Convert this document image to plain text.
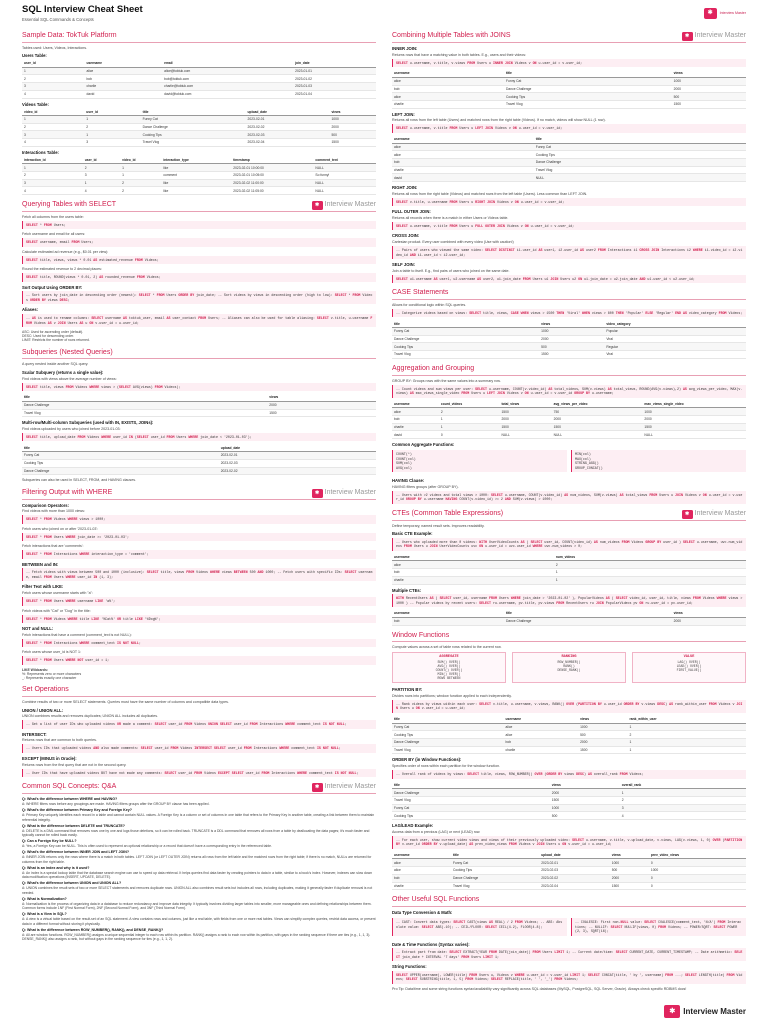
SQL Interview Cheat Sheet
Essential SQL Commands & Concepts
✱	Interview Master
Sample Data: TokTuk Platform
Tables used: Users, Videos, Interactions.
Users Table:
user_id	username	email	join_date
1	alice	alice@toktuk.com	2023-01-01
2	bob	bob@toktuk.com	2023-01-02
3	charlie	charlie@toktuk.com	2023-01-03
4	david	david@toktuk.com	2023-01-04
Videos Table:
video_id	user_id	title	upload_date	views
1	1	Funny Cat	2023-02-01	1000
2	2	Dance Challenge	2023-02-02	2000
3	1	Cooking Tips	2023-02-03	500
4	3	Travel Vlog	2023-02-04	1500
Interactions Table:
interaction_id	user_id	video_id	interaction_type	timestamp	comment_text
1	2	1	like	2023-02-01 10:00:00	NULL
2	3	1	comment	2023-02-01 10:05:00	So funny!
3	1	2	like	2023-02-02 11:00:00	NULL
4	4	2	like	2023-02-02 11:05:00	NULL
Querying Tables with SELECT	✱ Interview Master
Fetch all columns from the users table:
SELECT * FROM Users;
Fetch username and email for all users:
SELECT username, email FROM Users;
Calculate estimated ad revenue (e.g., $0.01 per view):
SELECT title, views, views * 0.01 AS estimated_revenue FROM Videos;
Round the estimated revenue to 2 decimal places:
SELECT title, ROUND(views * 0.01, 2) AS rounded_revenue FROM Videos;
Sort Output Using ORDER BY:
-- Sort users by join_date in descending order (newest): SELECT * FROM Users ORDER BY join_date; -- Sort videos by views in descending order (high to low): SELECT * FROM Videos ORDER BY views DESC;
Aliases:
-- AS is used to rename columns: SELECT username AS toktuk_user, email AS user_contact FROM Users; -- Aliases can also be used for table aliasing: SELECT v.title, u.username FROM Videos AS v JOIN Users AS u ON v.user_id = u.user_id;
ASC: Used for ascending order (default).
DESC: Used for descending order.
LIMIT: Restricts the number of rows returned.
Subqueries (Nested Queries)
A query nested inside another SQL query.
Scalar Subquery (returns a single value):
Find videos with views above the average number of views:
SELECT title, views FROM Videos WHERE views > (SELECT AVG(views) FROM Videos);
title	views
Dance Challenge	2000
Travel Vlog	1500
Multi-row/Multi-column Subqueries (used with IN, EXISTS, JOINs):
Find videos uploaded by users who joined before 2023-01-03:
SELECT title, upload_date FROM Videos WHERE user_id IN (SELECT user_id FROM Users WHERE join_date < '2023-01-03');
title	upload_date
Funny Cat	2023-02-01
Cooking Tips	2023-02-03
Dance Challenge	2023-02-02
Subqueries can also be used in SELECT, FROM, and HAVING clauses.
Filtering Output with WHERE	✱ Interview Master
Comparison Operators:
Find videos with more than 1000 views:
SELECT * FROM Videos WHERE views > 1000;
Fetch users who joined on or after '2023-01-03':
SELECT * FROM Users WHERE join_date >= '2023-01-03';
Fetch interactions that are 'comments':
SELECT * FROM Interactions WHERE interaction_type = 'comment';
BETWEEN and IN:
-- Fetch videos with views between 500 and 1000 (inclusive): SELECT title, views FROM Videos WHERE views BETWEEN 500 AND 1000; -- Fetch users with specific IDs: SELECT username, email FROM Users WHERE user_id IN (1, 3);
Filter Text with LIKE:
Fetch users whose username starts with "a":
SELECT * FROM Users WHERE username LIKE 'a%';
Fetch videos with "Cat" or "Dog" in the title:
SELECT * FROM Videos WHERE title LIKE '%Cat%' OR title LIKE '%Dog%';
NOT and NULL:
Fetch interactions that have a comment (comment_text is not NULL):
SELECT * FROM Interactions WHERE comment_text IS NOT NULL;
Fetch users whose user_id is NOT 1:
SELECT * FROM Users WHERE NOT user_id = 1;
LIKE Wildcards:
%: Represents zero or more characters
_: Represents exactly one character
Set Operations
Combine results of two or more SELECT statements. Queries must have the same number of columns and compatible data types.
UNION / UNION ALL:
UNION combines results and removes duplicates; UNION ALL includes all duplicates.
-- Get a list of user IDs who uploaded videos OR made a comment: SELECT user_id FROM Videos UNION SELECT user_id FROM Interactions WHERE comment_text IS NOT NULL;
INTERSECT:
Returns rows that are common to both queries.
-- Users IDs that uploaded videos AND also made comments: SELECT user_id FROM Videos INTERSECT SELECT user_id FROM Interactions WHERE comment_text IS NOT NULL;
EXCEPT (MINUS in Oracle):
Returns rows from the first query that are not in the second query.
-- User IDs that have uploaded videos BUT have not made any comments: SELECT user_id FROM Videos EXCEPT SELECT user_id FROM Interactions WHERE comment_text IS NOT NULL;
Common SQL Concepts: Q&A	✱ Interview Master
Q: What's the difference between WHERE and HAVING?
A: WHERE filters rows before any groupings are made. HAVING filters groups after the GROUP BY clause has been applied.
Q: What's the difference between Primary Key and Foreign Key?
A: Primary Key uniquely identifies each record in a table and cannot contain NULL values. A Foreign Key is a column or set of columns in one table that refers to the Primary Key in another table, creating a link between them to maintain referential integrity.
Q: What is the difference between DELETE and TRUNCATE?
A: DELETE is a DML command that removes rows one by one and logs those deletions, so it can be rolled back. TRUNCATE is a DDL command that removes all rows from a table by deallocating the data pages; it's much faster and typically cannot be rolled back easily.
Q: Can a Foreign Key be NULL?
A: Yes, a Foreign Key can be NULL. This is often used to represent an optional relationship or a record that doesn't have a corresponding entry in the referenced table.
Q: What's the difference between INNER JOIN and LEFT JOIN?
A: INNER JOIN returns only the rows where there is a match in both tables. LEFT JOIN (or LEFT OUTER JOIN) returns all rows from the left table and the matched rows from the right table; if there is no match, NULLs are returned for columns from the right table.
Q: What is an index and why is it used?
A: An index is a special lookup table that the database search engine can use to speed up data retrieval. It helps queries find data faster by creating pointers to data in a table, similar to a book's index. However, indexes can slow down data modification operations (INSERT, UPDATE, DELETE).
Q: What's the difference between UNION and UNION ALL?
A: UNION combines the result sets of two or more SELECT statements and removes duplicate rows. UNION ALL also combines result sets but includes all rows, including duplicates, making it generally faster if duplicate removal is not needed.
Q: What is Normalization?
A: Normalization is the process of organizing data in a database to reduce redundancy and improve data integrity. It typically involves dividing larger tables into smaller, more manageable ones and defining relationships between them. Common forms include 1NF (First Normal Form), 2NF (Second Normal Form), and 3NF (Third Normal Form).
Q: What is a View in SQL?
A: A view is a virtual table based on the result-set of an SQL statement. A view contains rows and columns, just like a real table, with fields from one or more real tables. Views can simplify complex queries, restrict data access, or present data in a different format without storing it physically.
Q: What is the difference between ROW_NUMBER(), RANK(), and DENSE_RANK()?
A: All are window functions. ROW_NUMBER() assigns a unique sequential integer to each row within its partition. RANK() assigns a rank to each row within its partition, with gaps in the ranking sequence if there are ties (e.g., 1, 1, 3). DENSE_RANK() also assigns a rank, but without gaps in the ranking sequence for ties (e.g., 1, 1, 2).
Combining Multiple Tables with JOINS	✱ Interview Master
INNER JOIN:
Returns rows that have a matching value in both tables. E.g., users and their videos:
SELECT u.username, v.title, v.views FROM Users u INNER JOIN Videos v ON u.user_id = v.user_id;
username	title	views
alice	Funny Cat	1000
bob	Dance Challenge	2000
alice	Cooking Tips	500
charlie	Travel Vlog	1500
LEFT JOIN:
Returns all rows from the left table (Users) and matched rows from the right table (Videos). If no match, videos will show NULL (1 row).
SELECT u.username, v.title FROM Users u LEFT JOIN Videos v ON u.user_id = v.user_id;
username	title
alice	Funny Cat
alice	Cooking Tips
bob	Dance Challenge
charlie	Travel Vlog
david	NULL
RIGHT JOIN:
Returns all rows from the right table (Videos) and matched rows from the left table (Users). Less common than LEFT JOIN.
SELECT v.title, u.username FROM Users u RIGHT JOIN Videos v ON u.user_id = v.user_id;
FULL OUTER JOIN:
Returns all records when there is a match in either Users or Videos table.
SELECT u.username, v.title FROM Users u FULL OUTER JOIN Videos v ON u.user_id = v.user_id;
CROSS JOIN:
Cartesian product. Every user combined with every video (Use with caution!)
-- Pairs of users who viewed the same video: SELECT DISTINCT i1.user_id AS user1, i2.user_id AS user2 FROM Interactions i1 CROSS JOIN Interactions i2 WHERE i1.video_id = i2.video_id AND i1.user_id < i2.user_id;
SELF JOIN:
Join a table to itself. E.g., find pairs of users who joined on the same date.
SELECT u1.username AS user1, u2.username AS user2, u1.join_date FROM Users u1 JOIN Users u2 ON u1.join_date = u2.join_date AND u1.user_id < u2.user_id;
CASE Statements
Allows for conditional logic within SQL queries.
-- Categorize videos based on views: SELECT title, views, CASE WHEN views > 1500 THEN 'Viral' WHEN views > 800 THEN 'Popular' ELSE 'Regular' END AS video_category FROM Videos;
title	views	video_category
Funny Cat	1000	Popular
Dance Challenge	2000	Viral
Cooking Tips	500	Regular
Travel Vlog	1500	Viral
Aggregation and Grouping
GROUP BY: Groups rows with the same values into a summary row.
-- Count videos and sum views per user: SELECT u.username, COUNT(v.video_id) AS total_videos, SUM(v.views) AS total_views, ROUND(AVG(v.views),2) AS avg_views_per_video, MAX(v.views) AS max_views_single_video FROM Users u LEFT JOIN Videos v ON u.user_id = v.user_id GROUP BY u.username;
username	count_videos	total_views	avg_views_per_video	max_views_single_video
alice	2	1500	750	1000
bob	1	2000	2000	2000
charlie	1	1500	1500	1500
david	0	NULL	NULL	NULL
Common Aggregate Functions:
COUNT(*)
COUNT(col)
SUM(col)
AVG(col)
MIN(col)
MAX(col)
STRING_AGG()
GROUP_CONCAT()
HAVING Clause:
HAVING filters groups (after GROUP BY).
-- Users with >2 videos and total views > 1000: SELECT u.username, COUNT(v.video_id) AS num_videos, SUM(v.views) AS total_views FROM Users u JOIN Videos v ON u.user_id = v.user_id GROUP BY u.username HAVING COUNT(v.video_id) >= 2 AND SUM(v.views) > 1000;
CTEs (Common Table Expressions)	✱ Interview Master
Define temporary, named result sets. Improves readability.
Basic CTE Example:
-- Users who uploaded more than 0 videos: WITH UserVideoCounts AS ( SELECT user_id, COUNT(video_id) AS num_videos FROM Videos GROUP BY user_id ) SELECT u.username, uvc.num_videos FROM Users u JOIN UserVideoCounts uvc ON u.user_id = uvc.user_id WHERE uvc.num_videos > 0;
username	num_videos
alice	2
bob	1
charlie	1
Multiple CTEs:
WITH RecentUsers AS ( SELECT user_id, username FROM Users WHERE join_date > '2023-01-02' ), PopularVideos AS ( SELECT video_id, user_id, title, views FROM Videos WHERE views > 1000 ) -- Popular videos by recent users: SELECT ru.username, pv.title, pv.views FROM RecentUsers ru JOIN PopularVideos pv ON ru.user_id = pv.user_id;
username	title	views
bob	Dance Challenge	2000
Window Functions
Compute values across a set of table rows related to the current row.
AGGREGATE
SUM() OVER()
AVG() OVER()
COUNT() OVER()
MIN() OVER()
ROWS BETWEEN
RANKING
ROW_NUMBER()
RANK()
DENSE_RANK()
VALUE
LAG() OVER()
LEAD() OVER()
FIRST_VALUE()
PARTITION BY:
Divides rows into partitions; window function applied to each independently.
-- Rank videos by views within each user: SELECT v.title, u.username, v.views, RANK() OVER (PARTITION BY u.user_id ORDER BY v.views DESC) AS rank_within_user FROM Videos v JOIN Users u ON v.user_id = u.user_id;
title	username	views	rank_within_user
Funny Cat	alice	1000	1
Cooking Tips	alice	500	2
Dance Challenge	bob	2000	1
Travel Vlog	charlie	1500	1
ORDER BY (in Window Functions):
Specifies order of rows within each partition for the window function.
-- Overall rank of videos by views: SELECT title, views, ROW_NUMBER() OVER (ORDER BY views DESC) AS overall_rank FROM Videos;
title	views	overall_rank
Dance Challenge	2000	1
Travel Vlog	1500	2
Funny Cat	1000	3
Cooking Tips	500	4
LAG/LEAD Example:
Access data from a previous (LAG) or next (LEAD) row.
-- For each user, show current video views and views of their previously uploaded video: SELECT u.username, v.title, v.upload_date, v.views, LAG(v.views, 1, 0) OVER (PARTITION BY v.user_id ORDER BY v.upload_date) AS prev_video_views FROM Videos v JOIN Users u ON v.user_id = u.user_id;
username	title	upload_date	views	prev_video_views
alice	Funny Cat	2023-02-01	1000	0
alice	Cooking Tips	2023-02-03	500	1000
bob	Dance Challenge	2023-02-02	2000	0
charlie	Travel Vlog	2023-02-04	1500	0
Other Useful SQL Functions
Data Type Conversion & Math:
-- CAST: Convert data types: SELECT CAST(views AS REAL) / 2 FROM Videos; -- ABS: Absolute value: SELECT ABS(-10); -- CEIL/FLOOR: SELECT CEIL(4.2), FLOOR(4.8);
-- COALESCE: First non-NULL value: SELECT COALESCE(comment_text, 'N/A') FROM Interactions; -- NULLIF: SELECT NULLIF(views, 0) FROM Videos; -- POWER/SQRT: SELECT POWER(2, 3), SQRT(16);
Date & Time Functions (Syntax varies):
-- Extract part from date: SELECT EXTRACT(YEAR FROM DATE(join_date)) FROM Users LIMIT 1; -- Current date/time: SELECT CURRENT_DATE, CURRENT_TIMESTAMP; -- Date arithmetic: SELECT join_date + INTERVAL '7 days' FROM Users LIMIT 1;
String Functions:
SELECT UPPER(username), LOWER(title) FROM Users u, Videos v WHERE u.user_id = v.user_id LIMIT 1; SELECT CONCAT(title, ' by ', username) FROM ...; SELECT LENGTH(title) FROM Videos; SELECT SUBSTRING(title, 1, 5) FROM Videos; SELECT REPLACE(title, ' ', '_') FROM Videos;
Pro Tip: Data/time and some string functions syntax/availability vary significantly across SQL databases (MySQL, PostgreSQL, SQL Server, Oracle). Always check specific RDBMS docs!
✱	Interview Master
